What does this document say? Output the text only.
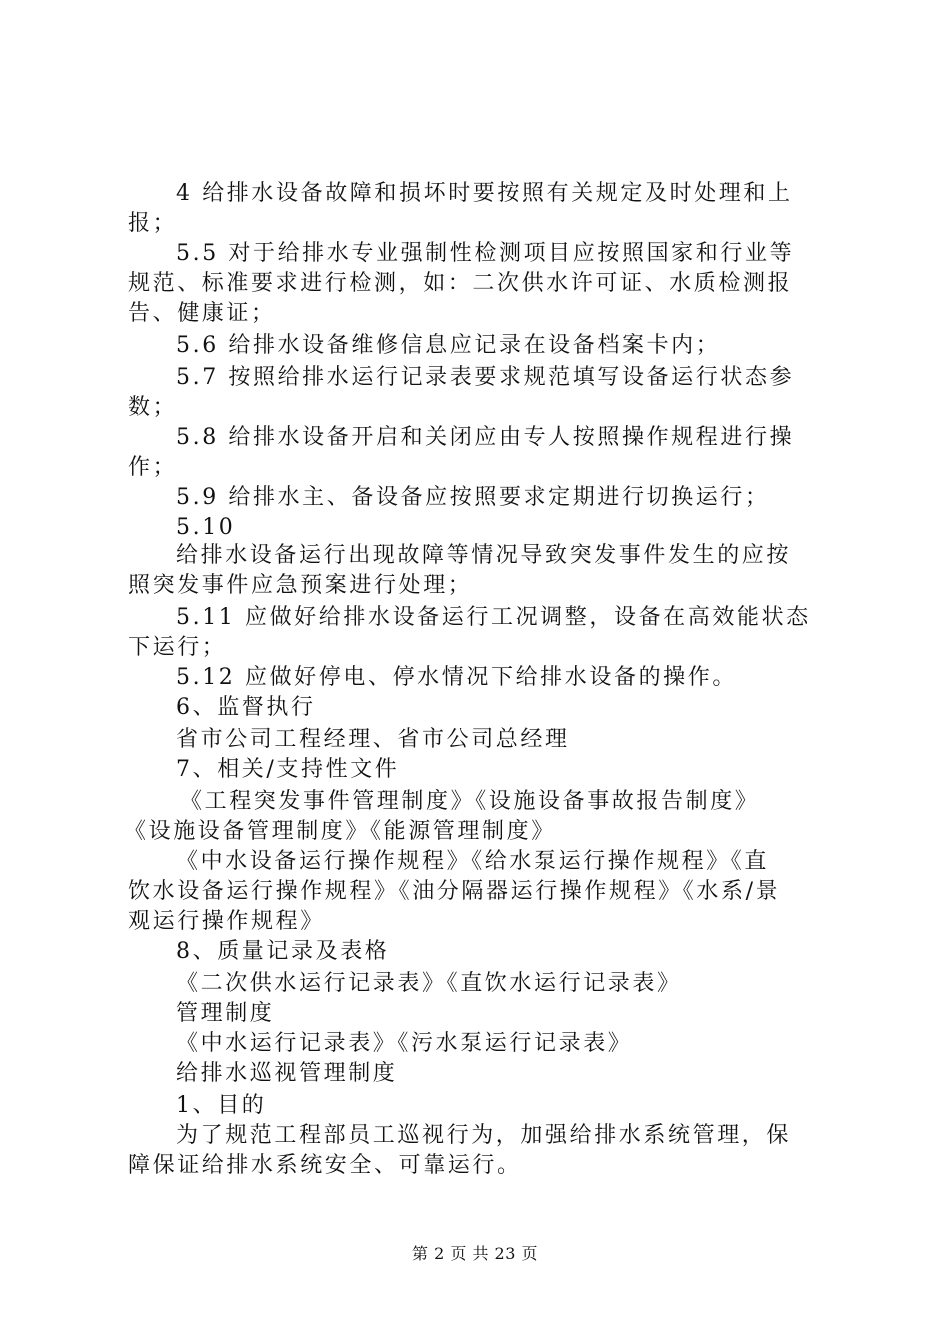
4 给排水设备故障和损坏时要按照有关规定及时处理和上
报；
5.5 对于给排水专业强制性检测项目应按照国家和行业等
规范、标准要求进行检测，如：二次供水许可证、水质检测报
告、健康证；
5.6 给排水设备维修信息应记录在设备档案卡内；
5.7 按照给排水运行记录表要求规范填写设备运行状态参
数；
5.8 给排水设备开启和关闭应由专人按照操作规程进行操
作；
5.9 给排水主、备设备应按照要求定期进行切换运行；
5.10
给排水设备运行出现故障等情况导致突发事件发生的应按
照突发事件应急预案进行处理；
5.11 应做好给排水设备运行工况调整，设备在高效能状态
下运行；
5.12 应做好停电、停水情况下给排水设备的操作。
6、监督执行
省市公司工程经理、省市公司总经理
7、相关/支持性文件
《工程突发事件管理制度》《设施设备事故报告制度》
《设施设备管理制度》《能源管理制度》
《中水设备运行操作规程》《给水泵运行操作规程》《直
饮水设备运行操作规程》《油分隔器运行操作规程》《水系/景
观运行操作规程》
8、质量记录及表格
《二次供水运行记录表》《直饮水运行记录表》
管理制度
《中水运行记录表》《污水泵运行记录表》
给排水巡视管理制度
1、目的
为了规范工程部员工巡视行为，加强给排水系统管理，保
障保证给排水系统安全、可靠运行。
第 2 页 共 23 页
